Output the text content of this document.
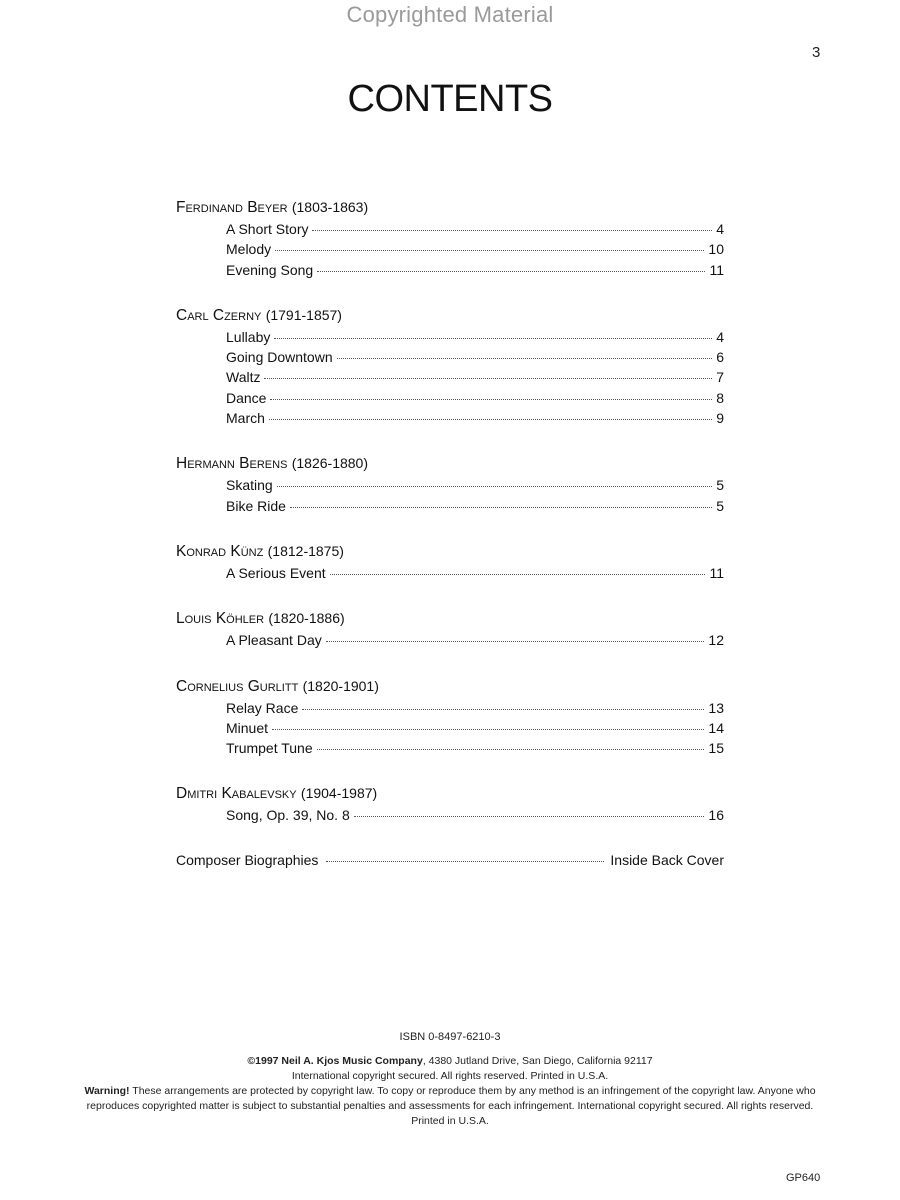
Copyrighted Material
3
CONTENTS
Ferdinand Beyer (1803-1863)
A Short Story	4
Melody	10
Evening Song	11
Carl Czerny (1791-1857)
Lullaby	4
Going Downtown	6
Waltz	7
Dance	8
March	9
Hermann Berens (1826-1880)
Skating	5
Bike Ride	5
Konrad Künz (1812-1875)
A Serious Event	11
Louis Köhler (1820-1886)
A Pleasant Day	12
Cornelius Gurlitt (1820-1901)
Relay Race	13
Minuet	14
Trumpet Tune	15
Dmitri Kabalevsky (1904-1987)
Song, Op. 39, No. 8	16
Composer Biographies	Inside Back Cover

ISBN 0-8497-6210-3

©1997 Neil A. Kjos Music Company, 4380 Jutland Drive, San Diego, California 92117

International copyright secured. All rights reserved. Printed in U.S.A.

Warning! These arrangements are protected by copyright law. To copy or reproduce them by any method is an infringement of the copyright law. Anyone who reproduces copyrighted matter is subject to substantial penalties and assessments for each infringement. International copyright secured. All rights reserved. Printed in U.S.A.

GP640
